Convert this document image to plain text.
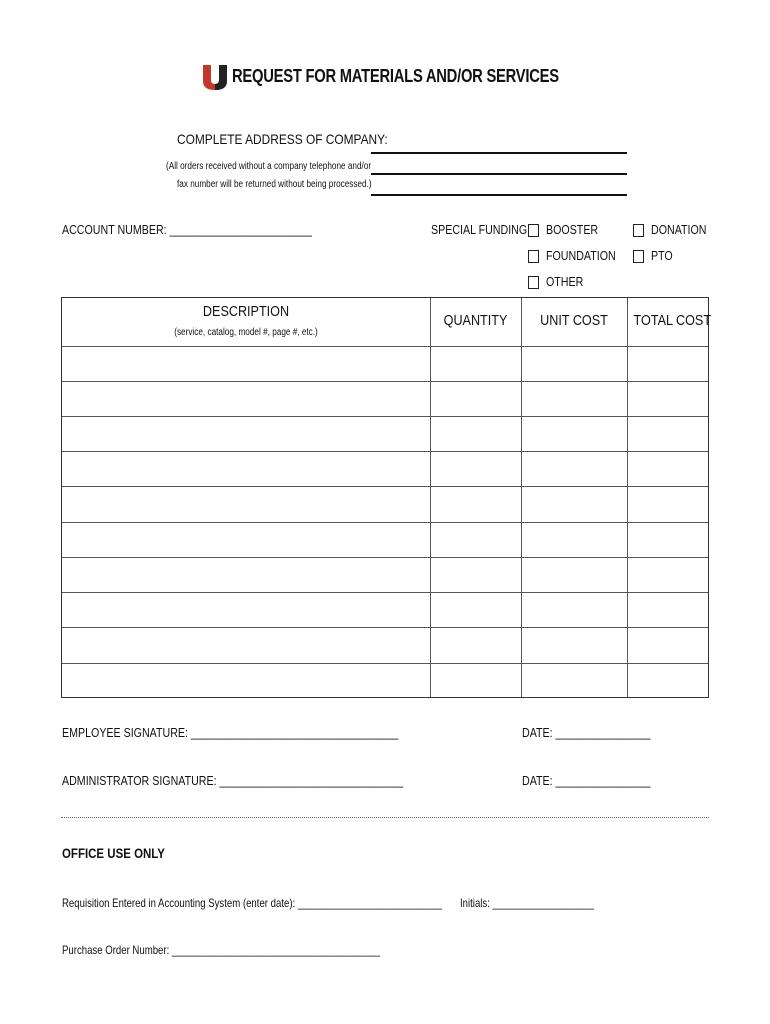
REQUEST FOR MATERIALS AND/OR SERVICES
COMPLETE ADDRESS OF COMPANY:
(All orders received without a company telephone and/or
fax number will be returned without being processed.)
ACCOUNT NUMBER: ________________________	SPECIAL FUNDING: BOOSTER	DONATION
FOUNDATION	PTO
OTHER
DESCRIPTION
(service, catalog, model #, page #, etc.)
QUANTITY	UNIT COST	TOTAL COST
EMPLOYEE SIGNATURE: ___________________________________	DATE: ________________
ADMINISTRATOR SIGNATURE: _______________________________	DATE: ________________
OFFICE USE ONLY
Requisition Entered in Accounting System (enter date): ___________________________ Initials: ___________________
Purchase Order Number: _______________________________________
